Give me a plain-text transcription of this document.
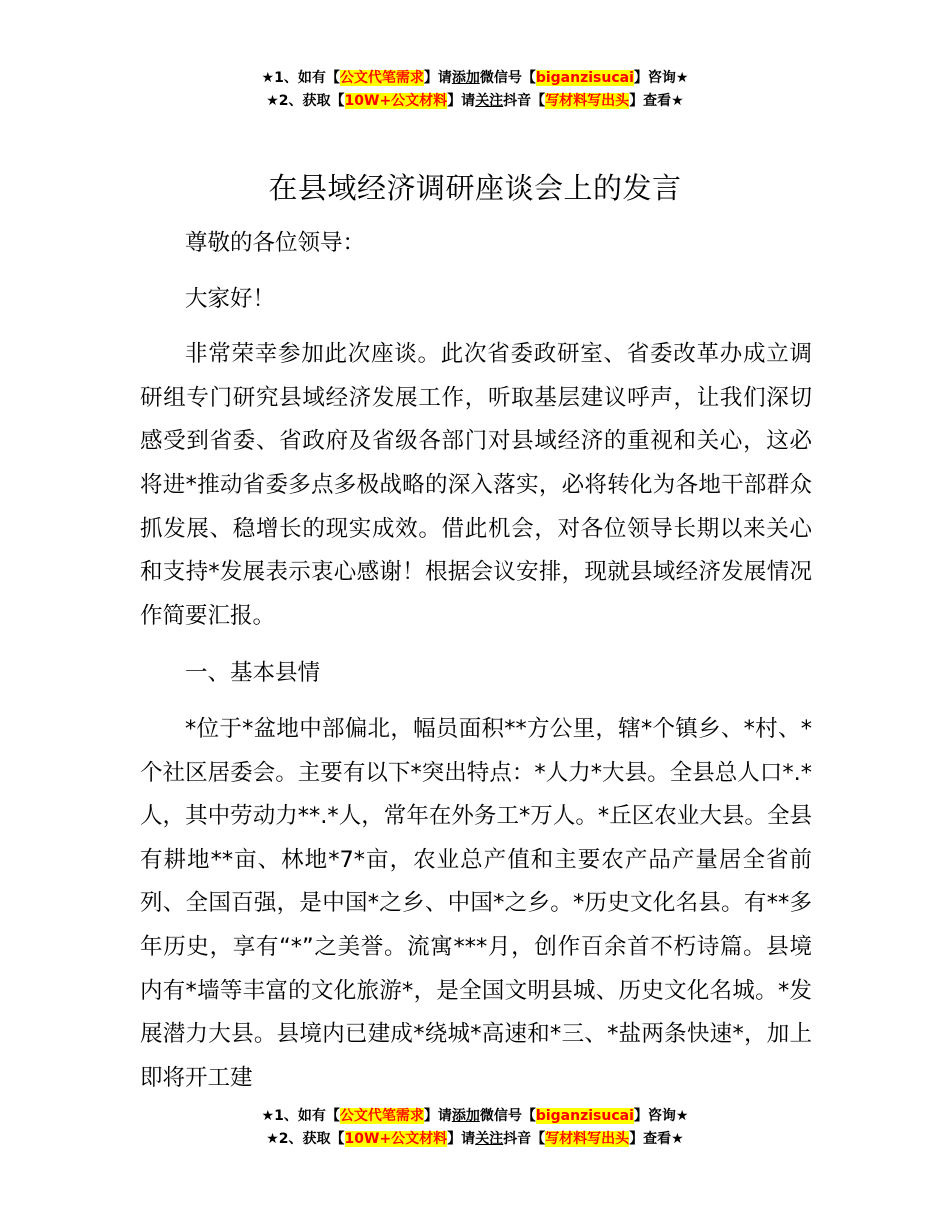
★1、如有【公文代笔需求】请添加微信号【biganzisucai】咨询★
★2、获取【10W+公文材料】请关注抖音【写材料写出头】查看★
在县域经济调研座谈会上的发言

尊敬的各位领导：

大家好！

非常荣幸参加此次座谈。此次省委政研室、省委改革办成立调研组专门研究县域经济发展工作，听取基层建议呼声，让我们深切感受到省委、省政府及省级各部门对县域经济的重视和关心，这必将进*推动省委多点多极战略的深入落实，必将转化为各地干部群众抓发展、稳增长的现实成效。借此机会，对各位领导长期以来关心和支持*发展表示衷心感谢！根据会议安排，现就县域经济发展情况作简要汇报。

一、基本县情

*位于*盆地中部偏北，幅员面积**方公里，辖*个镇乡、*村、*个社区居委会。主要有以下*突出特点：*人力*大县。全县总人口*.*人，其中劳动力**.*人，常年在外务工*万人。*丘区农业大县。全县有耕地**亩、林地*7*亩，农业总产值和主要农产品产量居全省前列、全国百强，是中国*之乡、中国*之乡。*历史文化名县。有**多年历史，享有“*”之美誉。流寓***月，创作百余首不朽诗篇。县境内有*墙等丰富的文化旅游*，是全国文明县城、历史文化名城。*发展潜力大县。县境内已建成*绕城*高速和*三、*盐两条快速*，加上即将开工建

★1、如有【公文代笔需求】请添加微信号【biganzisucai】咨询★
★2、获取【10W+公文材料】请关注抖音【写材料写出头】查看★
